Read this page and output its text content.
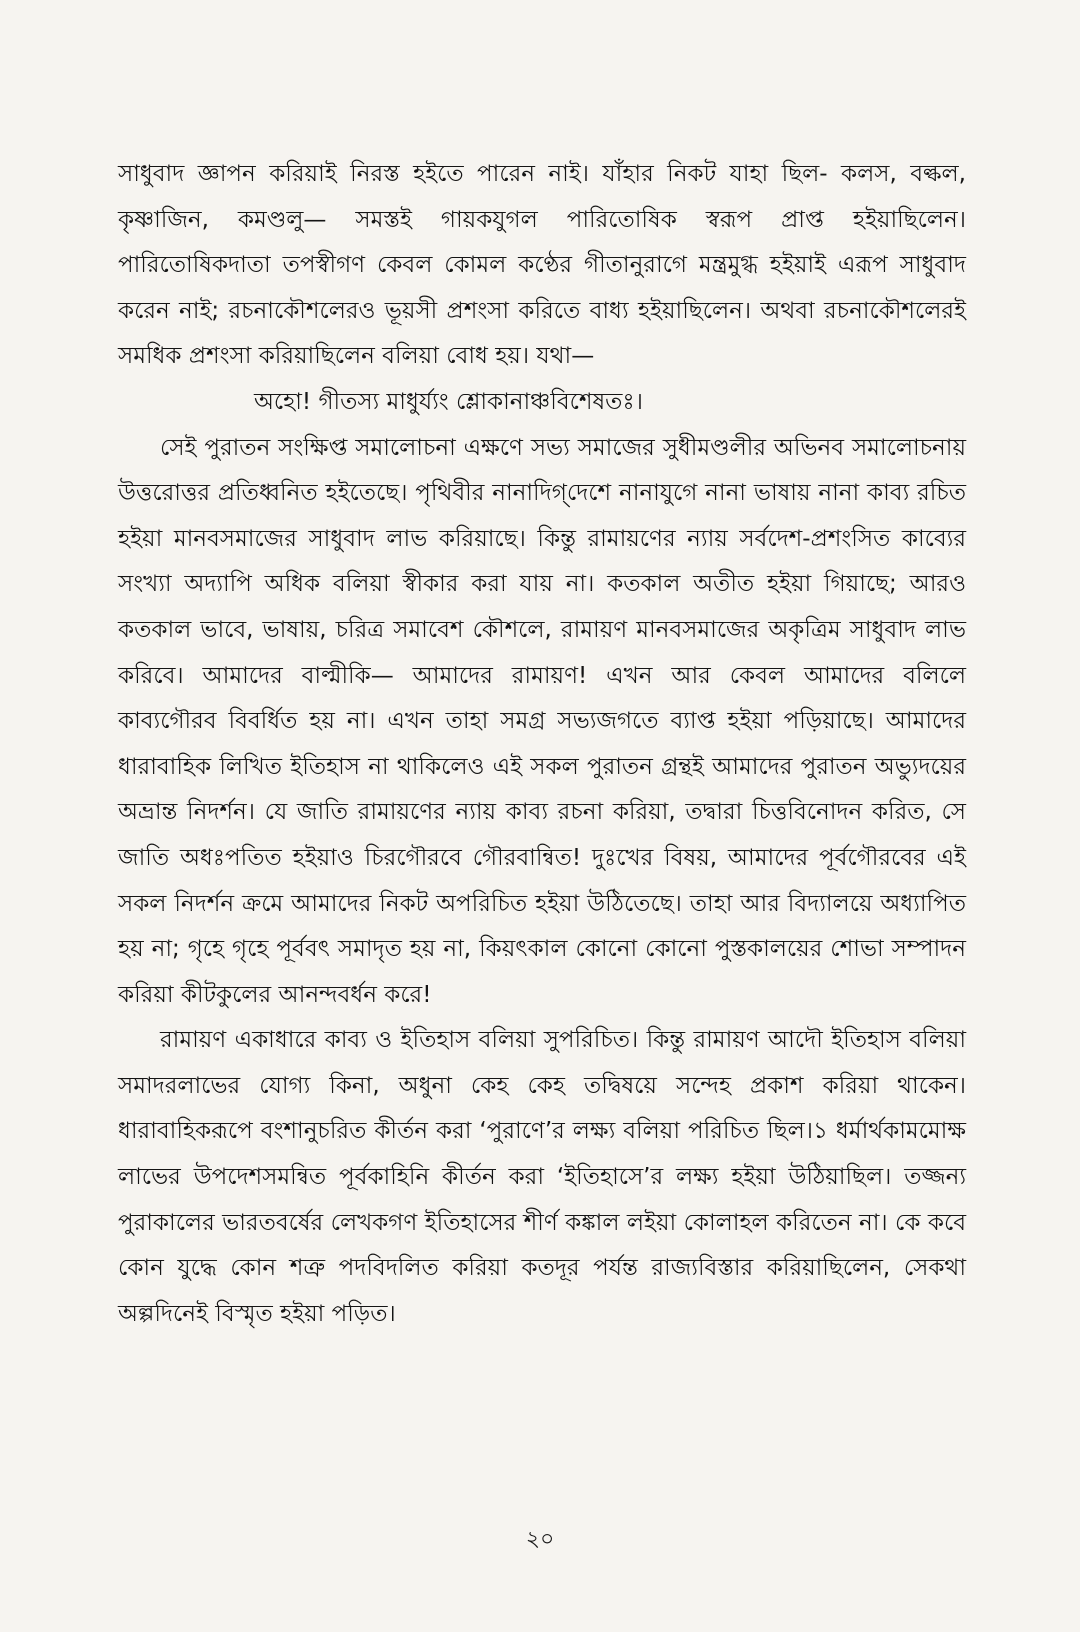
সাধুবাদ জ্ঞাপন করিয়াই নিরস্ত হইতে পারেন নাই। যাঁহার নিকট যাহা ছিল- কলস, বল্কল, কৃষ্ণাজিন, কমণ্ডলু— সমস্তই গায়কযুগল পারিতোষিক স্বরূপ প্রাপ্ত হইয়াছিলেন। পারিতোষিকদাতা তপস্বীগণ কেবল কোমল কণ্ঠের গীতানুরাগে মন্ত্রমুগ্ধ হইয়াই এরূপ সাধুবাদ করেন নাই; রচনাকৌশলেরও ভূয়সী প্রশংসা করিতে বাধ্য হইয়াছিলেন। অথবা রচনাকৌশলেরই সমধিক প্রশংসা করিয়াছিলেন বলিয়া বোধ হয়। যথা—

অহো! গীতস্য মাধুর্য্যং শ্লোকানাঞ্চবিশেষতঃ।

সেই পুরাতন সংক্ষিপ্ত সমালোচনা এক্ষণে সভ্য সমাজের সুধীমণ্ডলীর অভিনব সমালোচনায় উত্তরোত্তর প্রতিধ্বনিত হইতেছে। পৃথিবীর নানাদিগ্‌দেশে নানাযুগে নানা ভাষায় নানা কাব্য রচিত হইয়া মানবসমাজের সাধুবাদ লাভ করিয়াছে। কিন্তু রামায়ণের ন্যায় সর্বদেশ-প্রশংসিত কাব্যের সংখ্যা অদ্যাপি অধিক বলিয়া স্বীকার করা যায় না। কতকাল অতীত হইয়া গিয়াছে; আরও কতকাল ভাবে, ভাষায়, চরিত্র সমাবেশ কৌশলে, রামায়ণ মানবসমাজের অকৃত্রিম সাধুবাদ লাভ করিবে। আমাদের বাল্মীকি— আমাদের রামায়ণ! এখন আর কেবল আমাদের বলিলে কাব্যগৌরব বিবর্ধিত হয় না। এখন তাহা সমগ্র সভ্যজগতে ব্যাপ্ত হইয়া পড়িয়াছে। আমাদের ধারাবাহিক লিখিত ইতিহাস না থাকিলেও এই সকল পুরাতন গ্রন্থই আমাদের পুরাতন অভ্যুদয়ের অভ্রান্ত নিদর্শন। যে জাতি রামায়ণের ন্যায় কাব্য রচনা করিয়া, তদ্বারা চিত্তবিনোদন করিত, সে জাতি অধঃপতিত হইয়াও চিরগৌরবে গৌরবান্বিত! দুঃখের বিষয়, আমাদের পূর্বগৌরবের এই সকল নিদর্শন ক্রমে আমাদের নিকট অপরিচিত হইয়া উঠিতেছে। তাহা আর বিদ্যালয়ে অধ্যাপিত হয় না; গৃহে গৃহে পূর্ববৎ সমাদৃত হয় না, কিয়ৎকাল কোনো কোনো পুস্তকালয়ের শোভা সম্পাদন করিয়া কীটকুলের আনন্দবর্ধন করে!

রামায়ণ একাধারে কাব্য ও ইতিহাস বলিয়া সুপরিচিত। কিন্তু রামায়ণ আদৌ ইতিহাস বলিয়া সমাদরলাভের যোগ্য কিনা, অধুনা কেহ কেহ তদ্বিষয়ে সন্দেহ প্রকাশ করিয়া থাকেন। ধারাবাহিকরূপে বংশানুচরিত কীর্তন করা ‘পুরাণে’র লক্ষ্য বলিয়া পরিচিত ছিল।১ ধর্মার্থকামমোক্ষ লাভের উপদেশসমন্বিত পূর্বকাহিনি কীর্তন করা ‘ইতিহাসে’র লক্ষ্য হইয়া উঠিয়াছিল। তজ্জন্য পুরাকালের ভারতবর্ষের লেখকগণ ইতিহাসের শীর্ণ কঙ্কাল লইয়া কোলাহল করিতেন না। কে কবে কোন যুদ্ধে কোন শত্রু পদবিদলিত করিয়া কতদূর পর্যন্ত রাজ্যবিস্তার করিয়াছিলেন, সেকথা অল্পদিনেই বিস্মৃত হইয়া পড়িত।

২০
